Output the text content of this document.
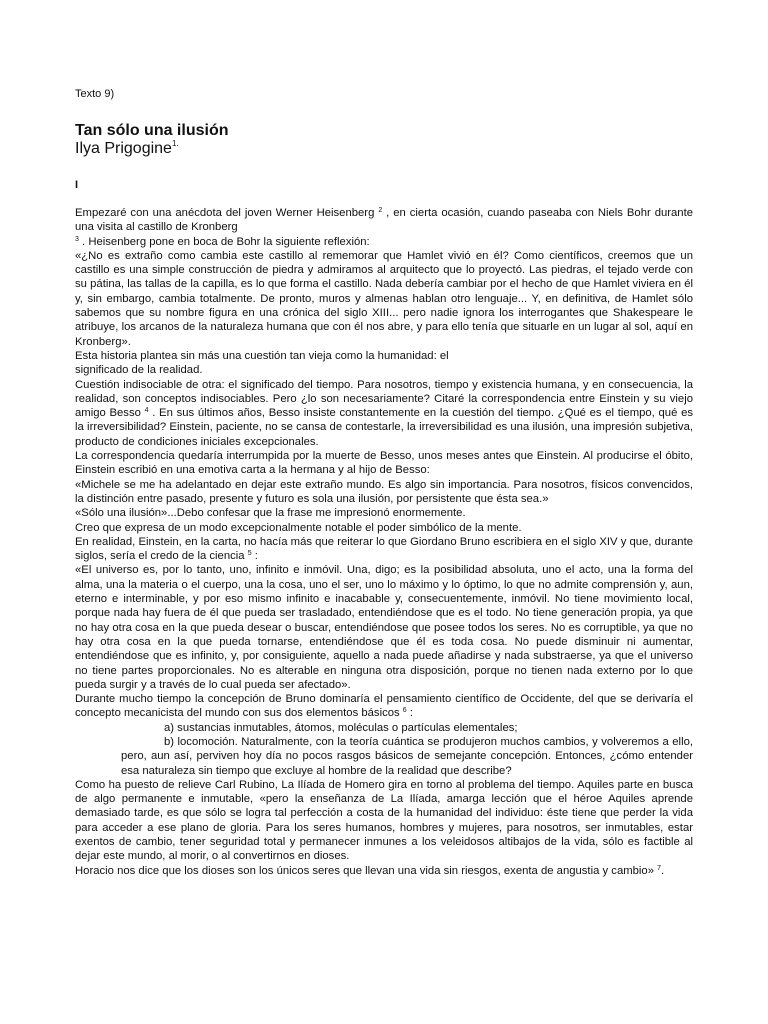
Texto 9)
Tan sólo una ilusión
Ilya Prigogine$^{1.}$
I

Empezaré con una anécdota del joven Werner Heisenberg $^2$ , en cierta ocasión, cuando paseaba con Niels Bohr durante una visita al castillo de Kronberg

$^3$ . Heisenberg pone en boca de Bohr la siguiente reflexión:

«¿No es extraño como cambia este castillo al rememorar que Hamlet vivió en él? Como científicos, creemos que un castillo es una simple construcción de piedra y admiramos al arquitecto que lo proyectó. Las piedras, el tejado verde con su pátina, las tallas de la capilla, es lo que forma el castillo. Nada debería cambiar por el hecho de que Hamlet viviera en él y, sin embargo, cambia totalmente. De pronto, muros y almenas hablan otro lenguaje... Y, en definitiva, de Hamlet sólo sabemos que su nombre figura en una crónica del siglo XIII... pero nadie ignora los interrogantes que Shakespeare le atribuye, los arcanos de la naturaleza humana que con él nos abre, y para ello tenía que situarle en un lugar al sol, aquí en Kronberg».

Esta historia plantea sin más una cuestión tan vieja como la humanidad: el

significado de la realidad.

Cuestión indisociable de otra: el significado del tiempo. Para nosotros, tiempo y existencia humana, y en consecuencia, la realidad, son conceptos indisociables. Pero ¿lo son necesariamente? Citaré la correspondencia entre Einstein y su viejo amigo Besso $^4$ . En sus últimos años, Besso insiste constantemente en la cuestión del tiempo. ¿Qué es el tiempo, qué es la irreversibilidad? Einstein, paciente, no se cansa de contestarle, la irreversibilidad es una ilusión, una impresión subjetiva, producto de condiciones iniciales excepcionales.

La correspondencia quedaría interrumpida por la muerte de Besso, unos meses antes que Einstein. Al producirse el óbito, Einstein escribió en una emotiva carta a la hermana y al hijo de Besso:

«Michele se me ha adelantado en dejar este extraño mundo. Es algo sin importancia. Para nosotros, físicos convencidos, la distinción entre pasado, presente y futuro es sola una ilusión, por persistente que ésta sea.»

«Sólo una ilusión»...Debo confesar que la frase me impresionó enormemente.

Creo que expresa de un modo excepcionalmente notable el poder simbólico de la mente.

En realidad, Einstein, en la carta, no hacía más que reiterar lo que Giordano Bruno escribiera en el siglo XIV y que, durante siglos, sería el credo de la ciencia $^5$ :

«El universo es, por lo tanto, uno, infinito e inmóvil. Una, digo; es la posibilidad absoluta, uno el acto, una la forma del alma, una la materia o el cuerpo, una la cosa, uno el ser, uno lo máximo y lo óptimo, lo que no admite comprensión y, aun, eterno e interminable, y por eso mismo infinito e inacabable y, consecuentemente, inmóvil. No tiene movimiento local, porque nada hay fuera de él que pueda ser trasladado, entendiéndose que es el todo. No tiene generación propia, ya que no hay otra cosa en la que pueda desear o buscar, entendiéndose que posee todos los seres. No es corruptible, ya que no hay otra cosa en la que pueda tornarse, entendiéndose que él es toda cosa. No puede disminuir ni aumentar, entendiéndose que es infinito, y, por consiguiente, aquello a nada puede añadirse y nada substraerse, ya que el universo no tiene partes proporcionales. No es alterable en ninguna otra disposición, porque no tienen nada externo por lo que pueda surgir y a través de lo cual pueda ser afectado».

Durante mucho tiempo la concepción de Bruno dominaría el pensamiento científico de Occidente, del que se derivaría el concepto mecanicista del mundo con sus dos elementos básicos $^6$ :

a) sustancias inmutables, átomos, moléculas o partículas elementales;

b) locomoción. Naturalmente, con la teoría cuántica se produjeron muchos cambios, y volveremos a ello, pero, aun así, perviven hoy día no pocos rasgos básicos de semejante concepción. Entonces, ¿cómo entender esa naturaleza sin tiempo que excluye al hombre de la realidad que describe?

Como ha puesto de relieve Carl Rubino, La Ilíada de Homero gira en torno al problema del tiempo. Aquiles parte en busca de algo permanente e inmutable, «pero la enseñanza de La Ilíada, amarga lección que el héroe Aquiles aprende demasiado tarde, es que sólo se logra tal perfección a costa de la humanidad del individuo: éste tiene que perder la vida para acceder a ese plano de gloria. Para los seres humanos, hombres y mujeres, para nosotros, ser inmutables, estar exentos de cambio, tener seguridad total y permanecer inmunes a los veleidosos altibajos de la vida, sólo es factible al dejar este mundo, al morir, o al convertirnos en dioses.

Horacio nos dice que los dioses son los únicos seres que llevan una vida sin riesgos, exenta de angustia y cambio» $^7$.
